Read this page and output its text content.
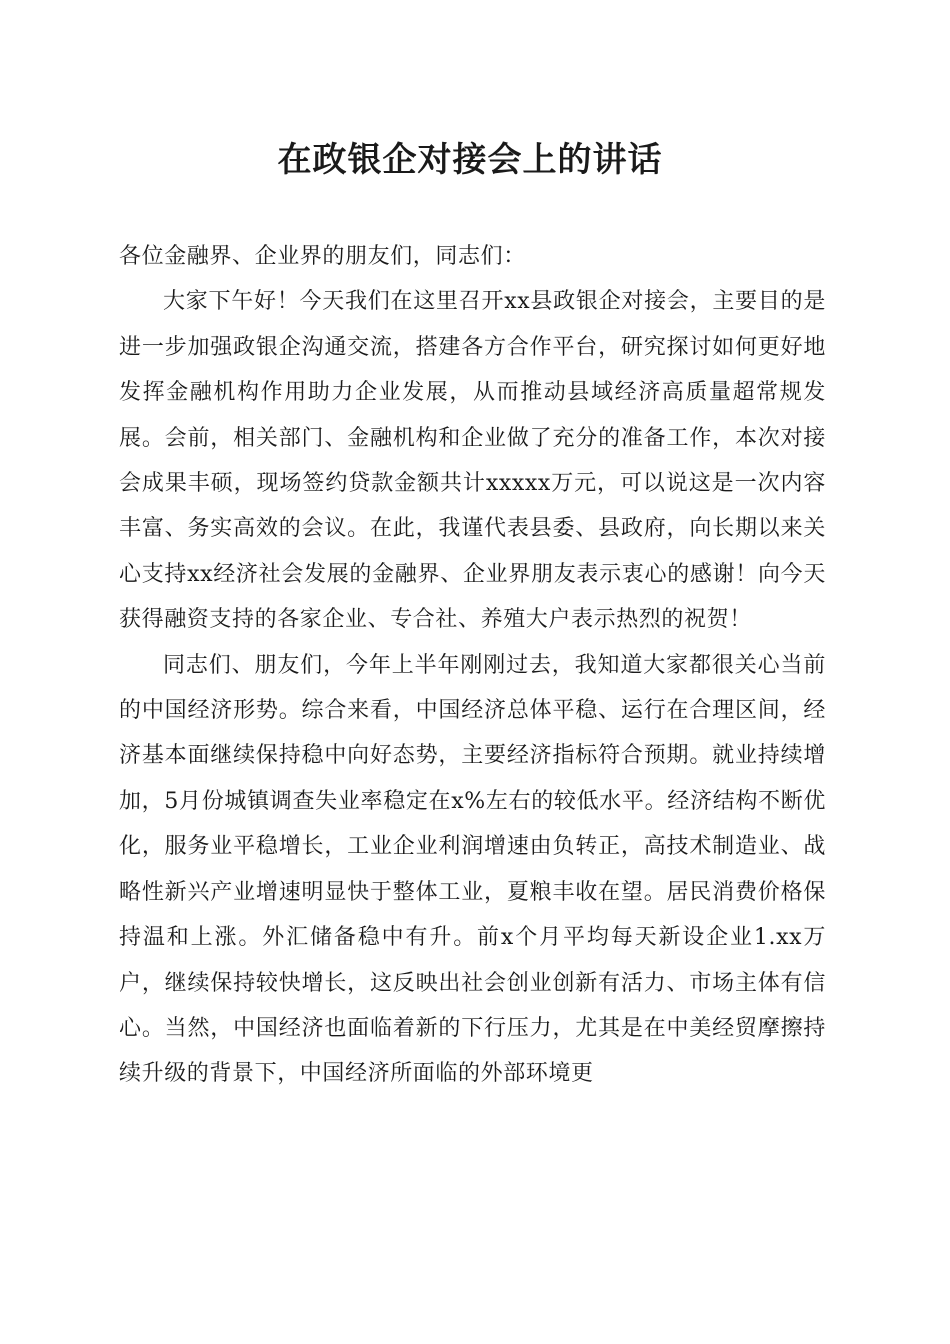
在政银企对接会上的讲话

各位金融界、企业界的朋友们，同志们：

大家下午好！今天我们在这里召开xx县政银企对接会，主要目的是进一步加强政银企沟通交流，搭建各方合作平台，研究探讨如何更好地发挥金融机构作用助力企业发展，从而推动县域经济高质量超常规发展。会前，相关部门、金融机构和企业做了充分的准备工作，本次对接会成果丰硕，现场签约贷款金额共计xxxxx万元，可以说这是一次内容丰富、务实高效的会议。在此，我谨代表县委、县政府，向长期以来关心支持xx经济社会发展的金融界、企业界朋友表示衷心的感谢！向今天获得融资支持的各家企业、专合社、养殖大户表示热烈的祝贺！

同志们、朋友们，今年上半年刚刚过去，我知道大家都很关心当前的中国经济形势。综合来看，中国经济总体平稳、运行在合理区间，经济基本面继续保持稳中向好态势，主要经济指标符合预期。就业持续增加，5月份城镇调查失业率稳定在x%左右的较低水平。经济结构不断优化，服务业平稳增长，工业企业利润增速由负转正，高技术制造业、战略性新兴产业增速明显快于整体工业，夏粮丰收在望。居民消费价格保持温和上涨。外汇储备稳中有升。前x个月平均每天新设企业1.xx万户，继续保持较快增长，这反映出社会创业创新有活力、市场主体有信心。当然，中国经济也面临着新的下行压力，尤其是在中美经贸摩擦持续升级的背景下，中国经济所面临的外部环境更
